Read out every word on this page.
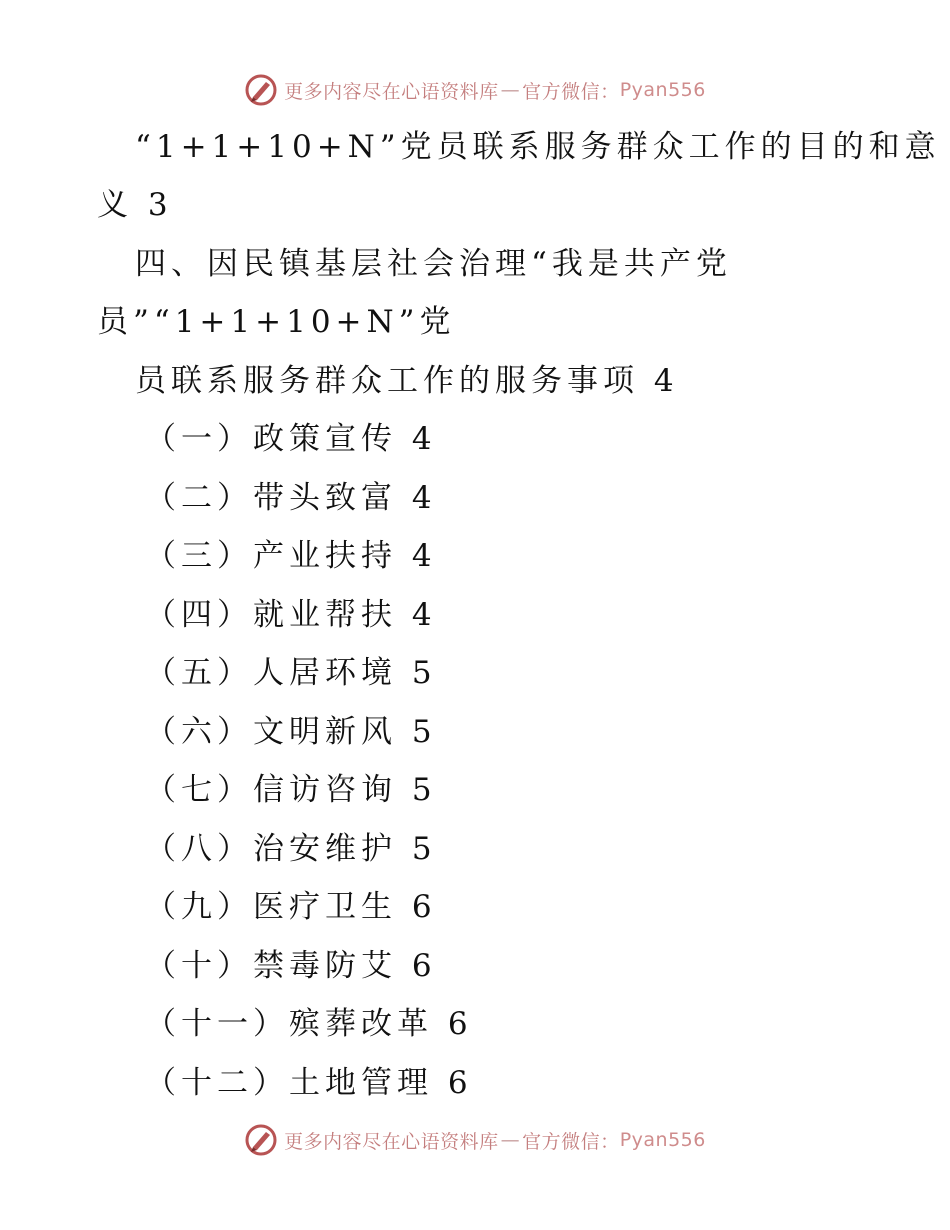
更多内容尽在心语资料库 — 官方微信： Pyan556
“1+1+10+N”党员联系服务群众工作的目的和意
义 3
四、因民镇基层社会治理“我是共产党
员”“1+1+10+N”党
员联系服务群众工作的服务事项 4
（一）政策宣传 4
（二）带头致富 4
（三）产业扶持 4
（四）就业帮扶 4
（五）人居环境 5
（六）文明新风 5
（七）信访咨询 5
（八）治安维护 5
（九）医疗卫生 6
（十）禁毒防艾 6
（十一）殡葬改革 6
（十二）土地管理 6
更多内容尽在心语资料库 — 官方微信： Pyan556
